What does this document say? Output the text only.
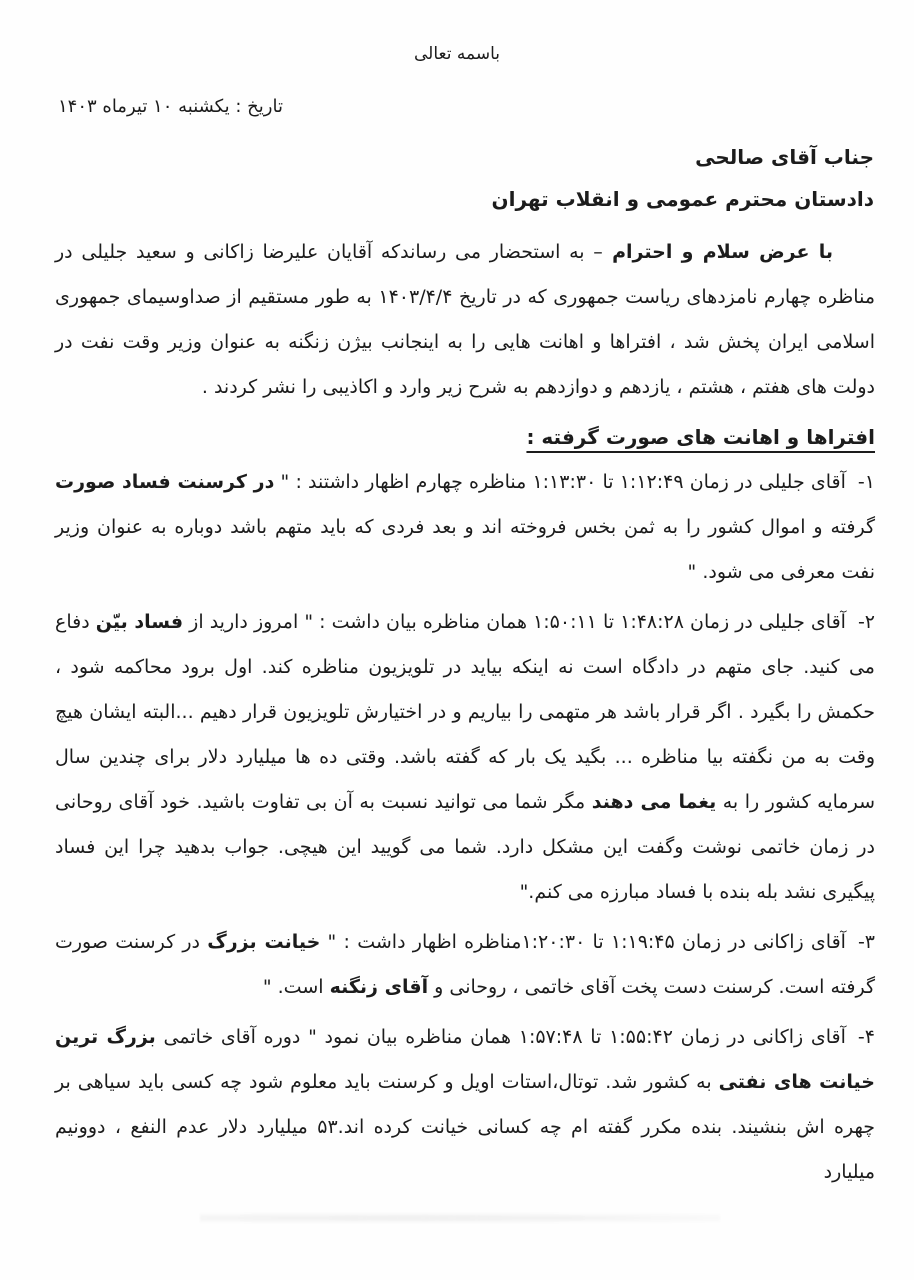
باسمه تعالی
تاریخ : یکشنبه ۱۰ تیرماه ۱۴۰۳
جناب آقای صالحی
دادستان محترم عمومی و انقلاب تهران

با عرض سلام و احترام – به استحضار می رساندکه آقایان علیرضا زاکانی و سعید جلیلی در مناظره چهارم نامزدهای ریاست جمهوری که در تاریخ ۱۴۰۳/۴/۴ به طور مستقیم از صداوسیمای جمهوری اسلامی ایران پخش شد ، افتراها و اهانت هایی را به اینجانب بیژن زنگنه به عنوان وزیر وقت نفت در دولت های هفتم ، هشتم ، یازدهم و دوازدهم به شرح زیر وارد و اکاذیبی را نشر کردند .

افتراها و اهانت های صورت گرفته :
۱-آقای جلیلی در زمان ۱:۱۲:۴۹ تا ۱:۱۳:۳۰ مناظره چهارم اظهار داشتند : " در کرسنت فساد صورت گرفته و اموال کشور را به ثمن بخس فروخته اند و بعد فردی که باید متهم باشد دوباره به عنوان وزیر نفت معرفی می شود. "
۲-آقای جلیلی در زمان ۱:۴۸:۲۸ تا ۱:۵۰:۱۱ همان مناظره بیان داشت : " امروز دارید از فساد بیّن دفاع می کنید. جای متهم در دادگاه است نه اینکه بیاید در تلویزیون مناظره کند. اول برود محاکمه شود ، حکمش را بگیرد . اگر قرار باشد هر متهمی را بیاریم و در اختیارش تلویزیون قرار دهیم ...البته ایشان هیچ وقت به من نگفته بیا مناظره ... بگید یک بار که گفته باشد. وقتی ده ها میلیارد دلار برای چندین سال سرمایه کشور را به یغما می دهند مگر شما می توانید نسبت به آن بی تفاوت باشید. خود آقای روحانی در زمان خاتمی نوشت وگفت این مشکل دارد. شما می گویید این هیچی. جواب بدهید چرا این فساد پیگیری نشد بله بنده با فساد مبارزه می کنم."
۳-آقای زاکانی در زمان ۱:۱۹:۴۵ تا ۱:۲۰:۳۰مناظره اظهار داشت : " خیانت بزرگ در کرسنت صورت گرفته است. کرسنت دست پخت آقای خاتمی ، روحانی و آقای زنگنه است. "
۴-آقای زاکانی در زمان ۱:۵۵:۴۲ تا ۱:۵۷:۴۸ همان مناظره بیان نمود " دوره آقای خاتمی بزرگ ترین خیانت های نفتی به کشور شد. توتال،استات اویل و کرسنت باید معلوم شود چه کسی باید سیاهی بر چهره اش بنشیند. بنده مکرر گفته ام چه کسانی خیانت کرده اند.۵۳ میلیارد دلار عدم النفع ، دوونیم میلیارد
